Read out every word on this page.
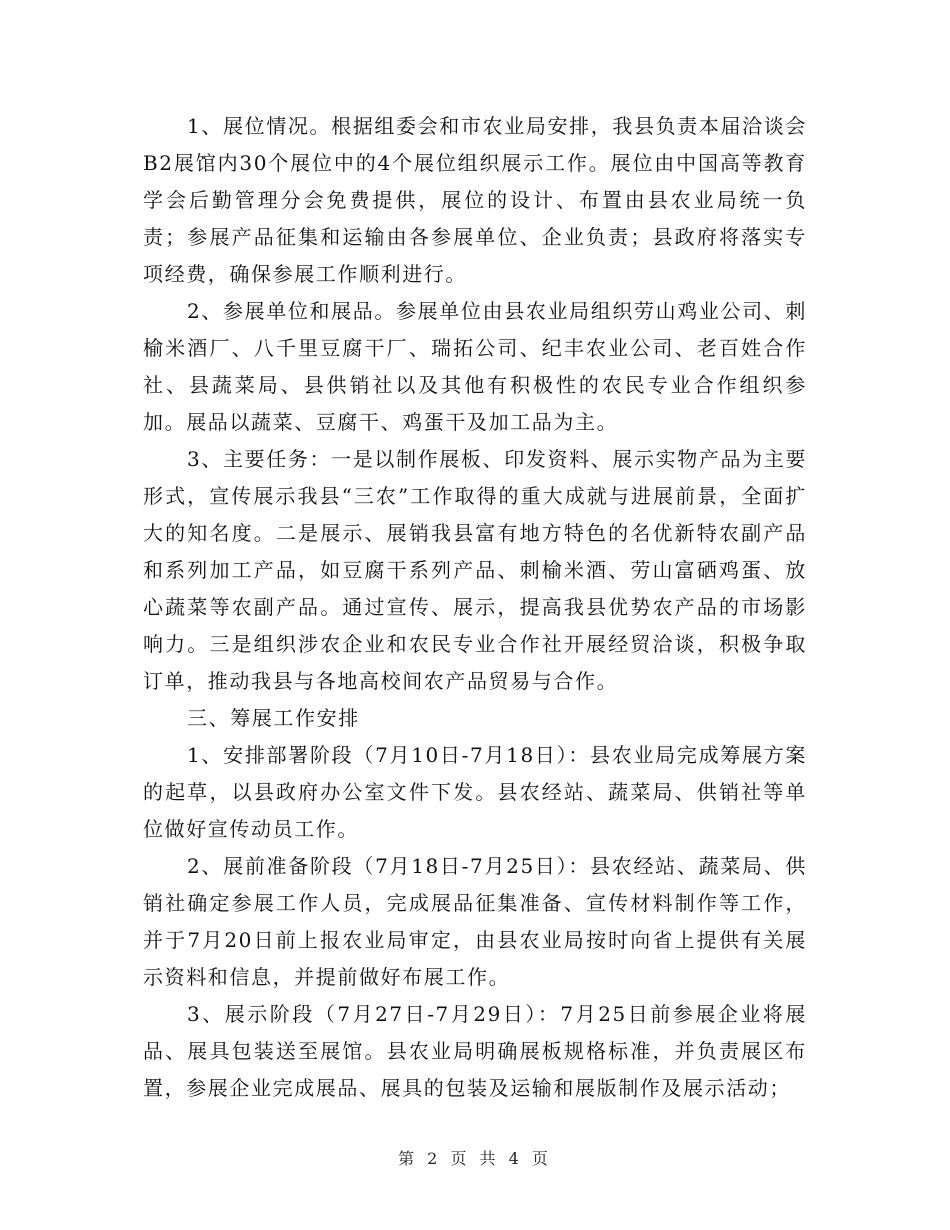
1、展位情况。根据组委会和市农业局安排，我县负责本届洽谈会B2展馆内30个展位中的4个展位组织展示工作。展位由中国高等教育学会后勤管理分会免费提供，展位的设计、布置由县农业局统一负责；参展产品征集和运输由各参展单位、企业负责；县政府将落实专项经费，确保参展工作顺利进行。

2、参展单位和展品。参展单位由县农业局组织劳山鸡业公司、刺榆米酒厂、八千里豆腐干厂、瑞拓公司、纪丰农业公司、老百姓合作社、县蔬菜局、县供销社以及其他有积极性的农民专业合作组织参加。展品以蔬菜、豆腐干、鸡蛋干及加工品为主。

3、主要任务：一是以制作展板、印发资料、展示实物产品为主要形式，宣传展示我县“三农”工作取得的重大成就与进展前景，全面扩大的知名度。二是展示、展销我县富有地方特色的名优新特农副产品和系列加工产品，如豆腐干系列产品、刺榆米酒、劳山富硒鸡蛋、放心蔬菜等农副产品。通过宣传、展示，提高我县优势农产品的市场影响力。三是组织涉农企业和农民专业合作社开展经贸洽谈，积极争取订单，推动我县与各地高校间农产品贸易与合作。

三、筹展工作安排

1、安排部署阶段（7月10日-7月18日）：县农业局完成筹展方案的起草，以县政府办公室文件下发。县农经站、蔬菜局、供销社等单位做好宣传动员工作。

2、展前准备阶段（7月18日-7月25日）：县农经站、蔬菜局、供销社确定参展工作人员，完成展品征集准备、宣传材料制作等工作，并于7月20日前上报农业局审定，由县农业局按时向省上提供有关展示资料和信息，并提前做好布展工作。

3、展示阶段（7月27日-7月29日）：7月25日前参展企业将展品、展具包装送至展馆。县农业局明确展板规格标准，并负责展区布置，参展企业完成展品、展具的包装及运输和展版制作及展示活动；

第 2 页 共 4 页
